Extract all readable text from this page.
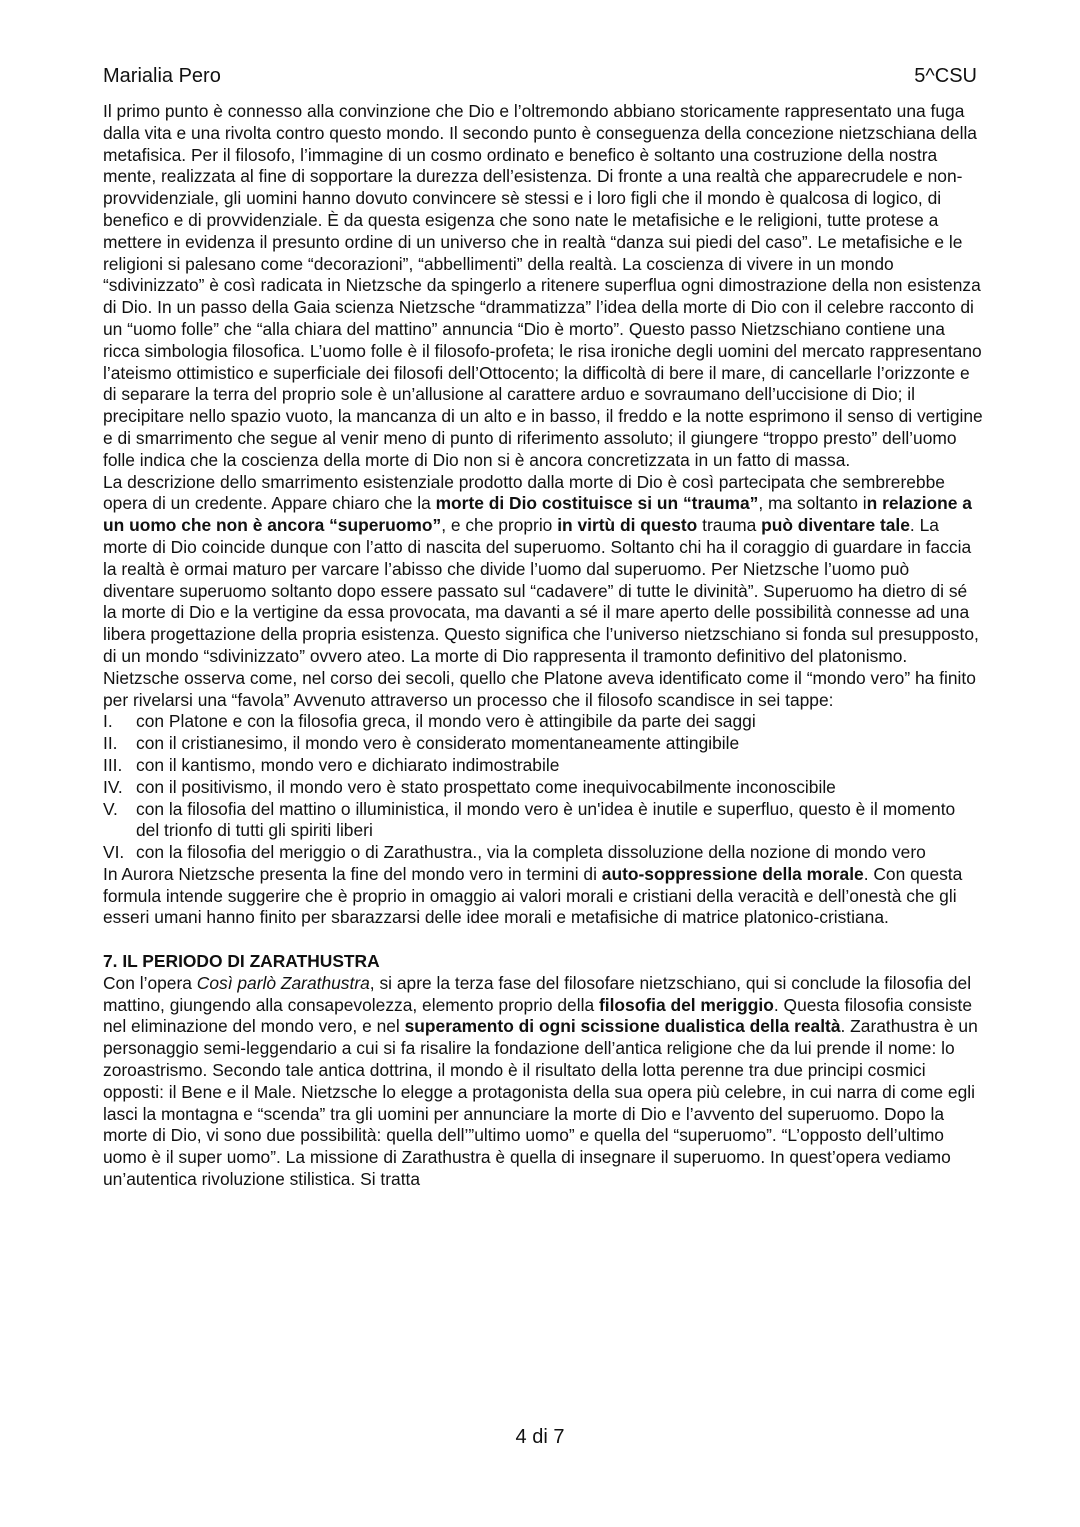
Marialia Pero	5^CSU

Il primo punto è connesso alla convinzione che Dio e l’oltremondo abbiano storicamente rappresentato una fuga dalla vita e una rivolta contro questo mondo. Il secondo punto è conseguenza della concezione nietzschiana della metafisica. Per il filosofo, l’immagine di un cosmo ordinato e benefico è soltanto una costruzione della nostra mente, realizzata al fine di sopportare la durezza dell’esistenza. Di fronte a una realtà che apparecrudele e non-provvidenziale, gli uomini hanno dovuto convincere sè stessi e i loro figli che il mondo è qualcosa di logico, di benefico e di provvidenziale. È da questa esigenza che sono nate le metafisiche e le religioni, tutte protese a mettere in evidenza il presunto ordine di un universo che in realtà “danza sui piedi del caso”. Le metafisiche e le religioni si palesano come “decorazioni”, “abbellimenti” della realtà. La coscienza di vivere in un mondo “sdivinizzato” è così radicata in Nietzsche da spingerlo a ritenere superflua ogni dimostrazione della non esistenza di Dio. In un passo della Gaia scienza Nietzsche “drammatizza” l’idea della morte di Dio con il celebre racconto di un “uomo folle” che “alla chiara del mattino” annuncia “Dio è morto”. Questo passo Nietzschiano contiene una ricca simbologia filosofica. L’uomo folle è il filosofo-profeta; le risa ironiche degli uomini del mercato rappresentano l’ateismo ottimistico e superficiale dei filosofi dell’Ottocento; la difficoltà di bere il mare, di cancellarle l’orizzonte e di separare la terra del proprio sole è un’allusione al carattere arduo e sovraumano dell’uccisione di Dio; il precipitare nello spazio vuoto, la mancanza di un alto e in basso, il freddo e la notte esprimono il senso di vertigine e di smarrimento che segue al venir meno di punto di riferimento assoluto; il giungere “troppo presto” dell’uomo folle indica che la coscienza della morte di Dio non si è ancora concretizzata in un fatto di massa.

La descrizione dello smarrimento esistenziale prodotto dalla morte di Dio è così partecipata che sembrerebbe opera di un credente. Appare chiaro che la morte di Dio costituisce si un “trauma”, ma soltanto in relazione a un uomo che non è ancora “superuomo”, e che proprio in virtù di questo trauma può diventare tale. La morte di Dio coincide dunque con l’atto di nascita del superuomo. Soltanto chi ha il coraggio di guardare in faccia la realtà è ormai maturo per varcare l’abisso che divide l’uomo dal superuomo. Per Nietzsche l’uomo può diventare superuomo soltanto dopo essere passato sul “cadavere” di tutte le divinità”. Superuomo ha dietro di sé la morte di Dio e la vertigine da essa provocata, ma davanti a sé il mare aperto delle possibilità connesse ad una libera progettazione della propria esistenza. Questo significa che l’universo nietzschiano si fonda sul presupposto, di un mondo “sdivinizzato” ovvero ateo. La morte di Dio rappresenta il tramonto definitivo del platonismo. Nietzsche osserva come, nel corso dei secoli, quello che Platone aveva identificato come il “mondo vero” ha finito per rivelarsi una “favola” Avvenuto attraverso un processo che il filosofo scandisce in sei tappe:

I.	con Platone e con la filosofia greca, il mondo vero è attingibile da parte dei saggi
II.	con il cristianesimo, il mondo vero è considerato momentaneamente attingibile
III. con il kantismo, mondo vero e dichiarato indimostrabile
IV. con il positivismo, il mondo vero è stato prospettato come inequivocabilmente inconoscibile
V.	con la filosofia del mattino o illuministica, il mondo vero è un'idea è inutile e superfluo, questo è il momento del trionfo di tutti gli spiriti liberi
VI. con la filosofia del meriggio o di Zarathustra., via la completa dissoluzione della nozione di mondo vero

In Aurora Nietzsche presenta la fine del mondo vero in termini di auto-soppressione della morale. Con questa formula intende suggerire che è proprio in omaggio ai valori morali e cristiani della veracità e dell’onestà che gli esseri umani hanno finito per sbarazzarsi delle idee morali e metafisiche di matrice platonico-cristiana.

7. IL PERIODO DI ZARATHUSTRA

Con l’opera Così parlò Zarathustra, si apre la terza fase del filosofare nietzschiano, qui si conclude la filosofia del mattino, giungendo alla consapevolezza, elemento proprio della filosofia del meriggio. Questa filosofia consiste nel eliminazione del mondo vero, e nel superamento di ogni scissione dualistica della realtà. Zarathustra è un personaggio semi-leggendario a cui si fa risalire la fondazione dell’antica religione che da lui prende il nome: lo zoroastrismo. Secondo tale antica dottrina, il mondo è il risultato della lotta perenne tra due principi cosmici opposti: il Bene e il Male. Nietzsche lo elegge a protagonista della sua opera più celebre, in cui narra di come egli lasci la montagna e “scenda” tra gli uomini per annunciare la morte di Dio e l’avvento del superuomo. Dopo la morte di Dio, vi sono due possibilità: quella dell’”ultimo uomo” e quella del “superuomo”. “L’opposto dell’ultimo uomo è il super uomo”. La missione di Zarathustra è quella di insegnare il superuomo. In quest’opera vediamo un’autentica rivoluzione stilistica. Si tratta

4 di 7
